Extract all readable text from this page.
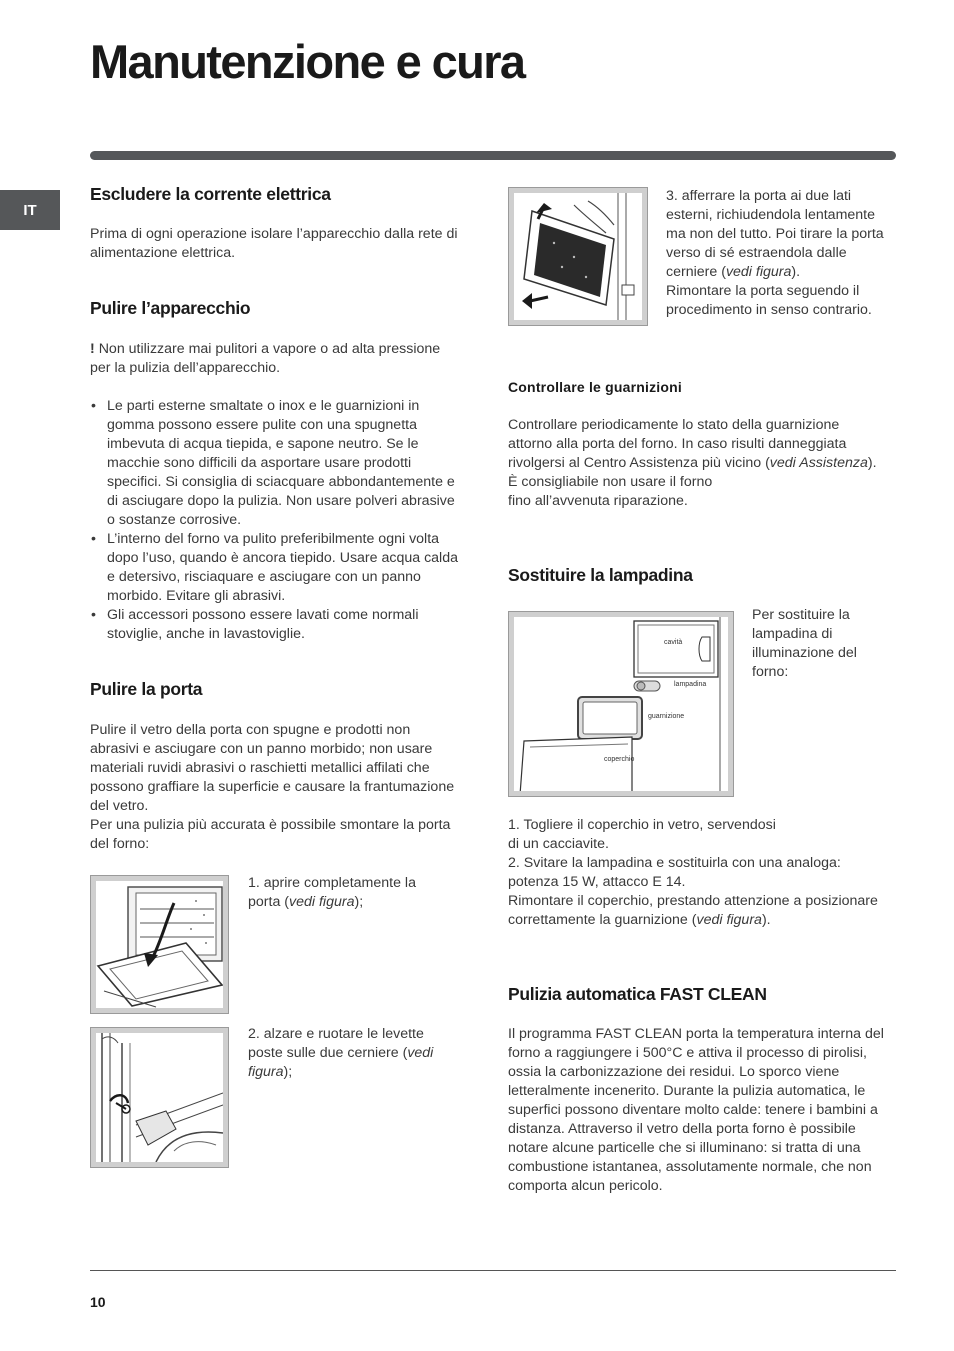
Manutenzione e cura
IT
Escludere la corrente elettrica
Prima di ogni operazione isolare l’apparecchio dalla rete di alimentazione elettrica.
Pulire l’apparecchio
! Non utilizzare mai pulitori a vapore o ad alta pressione per la pulizia dell’apparecchio.
• Le parti esterne smaltate o inox e le guarnizioni in gomma possono essere pulite con una spugnetta imbevuta di acqua tiepida, e sapone neutro. Se le macchie sono difficili da asportare usare prodotti specifici. Si consiglia di sciacquare abbondantemente e di asciugare dopo la pulizia. Non usare polveri abrasive o sostanze corrosive.
• L’interno del forno va pulito preferibilmente ogni volta dopo l’uso, quando è ancora tiepido. Usare acqua calda e detersivo, risciaquare e asciugare con un panno morbido. Evitare gli abrasivi.
• Gli accessori possono essere lavati come normali stoviglie, anche in lavastoviglie.
Pulire la porta
Pulire il vetro della porta con spugne e prodotti non abrasivi e asciugare con un panno morbido; non usare materiali ruvidi abrasivi o raschietti metallici affilati che possono graffiare la superficie e causare la frantumazione del vetro.
Per una pulizia più accurata è possibile smontare la porta del forno:
1. aprire completamente la porta (vedi figura);
2. alzare e ruotare le levette poste sulle due cerniere (vedi figura);
3. afferrare la porta ai due lati esterni, richiudendola lentamente ma non del tutto. Poi tirare la porta verso di sé estraendola dalle cerniere (vedi figura).
Rimontare la porta seguendo il procedimento in senso contrario.
Controllare le guarnizioni
Controllare periodicamente lo stato della guarnizione attorno alla porta del forno. In caso risulti danneggiata rivolgersi al Centro Assistenza più vicino (vedi Assistenza). È consigliabile non usare il forno
fino all’avvenuta riparazione.
Sostituire la lampadina
cavità
lampadina
guarnizione
coperchio
Per sostituire la lampadina di illuminazione del forno:
1. Togliere il coperchio in vetro, servendosi
di un cacciavite.
2. Svitare la lampadina e sostituirla con una analoga: potenza 15 W, attacco E 14.
Rimontare il coperchio, prestando attenzione a posizionare correttamente la guarnizione (vedi figura).
Pulizia automatica FAST CLEAN
Il programma FAST CLEAN porta la temperatura interna del forno a raggiungere i 500°C e attiva il processo di pirolisi, ossia la carbonizzazione dei residui. Lo sporco viene letteralmente incenerito. Durante la pulizia automatica, le superfici possono diventare molto calde: tenere i bambini a distanza. Attraverso il vetro della porta forno è possibile notare alcune particelle che si illuminano: si tratta di una combustione istantanea, assolutamente normale, che non comporta alcun pericolo.
10
